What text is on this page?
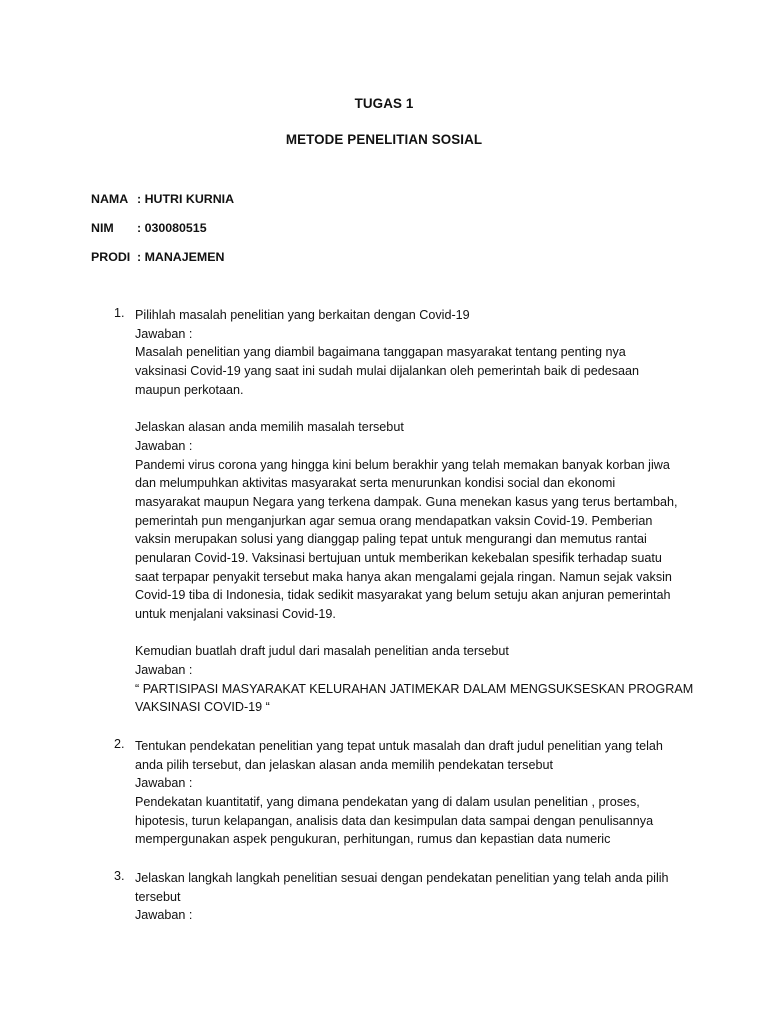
TUGAS 1
METODE PENELITIAN SOSIAL
NAMA : HUTRI KURNIA
NIM : 030080515
PRODI : MANAJEMEN
1. Pilihlah masalah penelitian yang berkaitan dengan Covid-19
Jawaban :
Masalah penelitian yang diambil bagaimana tanggapan masyarakat tentang penting nya
vaksinasi Covid-19 yang saat ini sudah mulai dijalankan oleh pemerintah baik di pedesaan
maupun perkotaan.
Jelaskan alasan anda memilih masalah tersebut
Jawaban :
Pandemi virus corona yang hingga kini belum berakhir yang telah memakan banyak korban jiwa
dan melumpuhkan aktivitas masyarakat serta menurunkan kondisi social dan ekonomi
masyarakat maupun Negara yang terkena dampak. Guna menekan kasus yang terus bertambah,
pemerintah pun menganjurkan agar semua orang mendapatkan vaksin Covid-19. Pemberian
vaksin merupakan solusi yang dianggap paling tepat untuk mengurangi dan memutus rantai
penularan Covid-19. Vaksinasi bertujuan untuk memberikan kekebalan spesifik terhadap suatu
saat terpapar penyakit tersebut maka hanya akan mengalami gejala ringan. Namun sejak vaksin
Covid-19 tiba di Indonesia, tidak sedikit masyarakat yang belum setuju akan anjuran pemerintah
untuk menjalani vaksinasi Covid-19.
Kemudian buatlah draft judul dari masalah penelitian anda tersebut
Jawaban :
“ PARTISIPASI MASYARAKAT KELURAHAN JATIMEKAR DALAM MENGSUKSESKAN PROGRAM
VAKSINASI COVID-19 “
2. Tentukan pendekatan penelitian yang tepat untuk masalah dan draft judul penelitian yang telah
anda pilih tersebut, dan jelaskan alasan anda memilih pendekatan tersebut
Jawaban :
Pendekatan kuantitatif, yang dimana pendekatan yang di dalam usulan penelitian , proses,
hipotesis, turun kelapangan, analisis data dan kesimpulan data sampai dengan penulisannya
mempergunakan aspek pengukuran, perhitungan, rumus dan kepastian data numeric
3. Jelaskan langkah langkah penelitian sesuai dengan pendekatan penelitian yang telah anda pilih
tersebut
Jawaban :
